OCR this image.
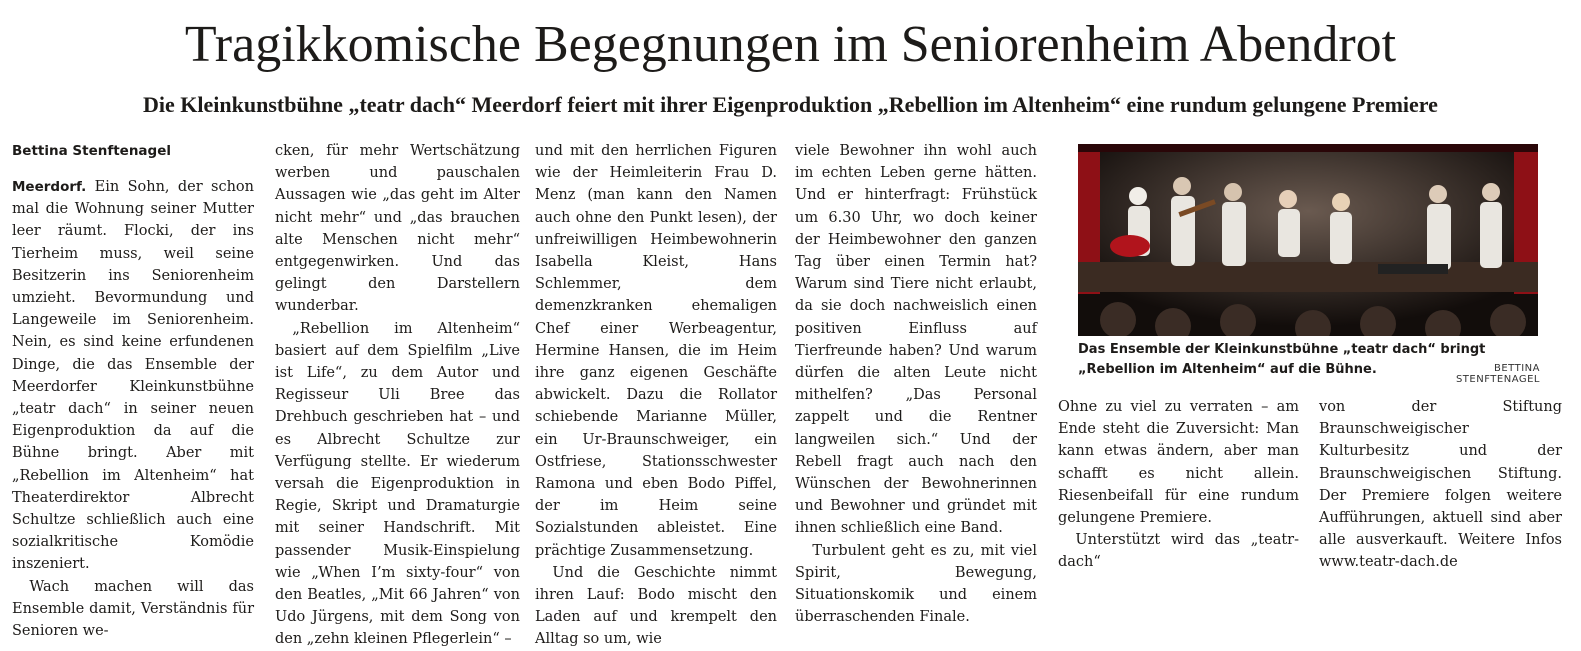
Tragikkomische Begegnungen im Seniorenheim Abendrot
Die Kleinkunstbühne „teatr dach“ Meerdorf feiert mit ihrer Eigenproduktion „Rebellion im Altenheim“ eine rundum gelungene Premiere
Bettina Stenftenagel

Meerdorf. Ein Sohn, der schon mal die Wohnung seiner Mutter leer räumt. Flocki, der ins Tierheim muss, weil seine Besitzerin ins Seniorenheim umzieht. Bevormundung und Langeweile im Seniorenheim. Nein, es sind keine erfundenen Dinge, die das Ensemble der Meerdorfer Kleinkunstbühne „teatr dach“ in seiner neuen Eigenproduktion da auf die Bühne bringt. Aber mit „Rebellion im Altenheim“ hat Theaterdirektor Albrecht Schultze schließlich auch eine sozialkritische Komödie inszeniert.

Wach machen will das Ensemble damit, Verständnis für Senioren we-

cken, für mehr Wertschätzung werben und pauschalen Aussagen wie „das geht im Alter nicht mehr“ und „das brauchen alte Menschen nicht mehr“ entgegenwirken. Und das gelingt den Darstellern wunderbar.

„Rebellion im Altenheim“ basiert auf dem Spielfilm „Live ist Life“, zu dem Autor und Regisseur Uli Bree das Drehbuch geschrieben hat – und es Albrecht Schultze zur Verfügung stellte. Er wiederum versah die Eigenproduktion in Regie, Skript und Dramaturgie mit seiner Handschrift. Mit passender Musik-Einspielung wie „When I’m sixty-four“ von den Beatles, „Mit 66 Jahren“ von Udo Jürgens, mit dem Song von den „zehn kleinen Pflegerlein“ –

und mit den herrlichen Figuren wie der Heimleiterin Frau D. Menz (man kann den Namen auch ohne den Punkt lesen), der unfreiwilligen Heimbewohnerin Isabella Kleist, Hans Schlemmer, dem demenzkranken ehemaligen Chef einer Werbeagentur, Hermine Hansen, die im Heim ihre ganz eigenen Geschäfte abwickelt. Dazu die Rollator schiebende Marianne Müller, ein Ur-Braunschweiger, ein Ostfriese, Stationsschwester Ramona und eben Bodo Piffel, der im Heim seine Sozialstunden ableistet. Eine prächtige Zusammensetzung.

Und die Geschichte nimmt ihren Lauf: Bodo mischt den Laden auf und krempelt den Alltag so um, wie

viele Bewohner ihn wohl auch im echten Leben gerne hätten. Und er hinterfragt: Frühstück um 6.30 Uhr, wo doch keiner der Heimbewohner den ganzen Tag über einen Termin hat? Warum sind Tiere nicht erlaubt, da sie doch nachweislich einen positiven Einfluss auf Tierfreunde haben? Und warum dürfen die alten Leute nicht mithelfen? „Das Personal zappelt und die Rentner langweilen sich.“ Und der Rebell fragt auch nach den Wünschen der Bewohnerinnen und Bewohner und gründet mit ihnen schließlich eine Band.

Turbulent geht es zu, mit viel Spirit, Bewegung, Situationskomik und einem überraschenden Finale.

Das Ensemble der Kleinkunstbühne „teatr dach“ bringt „Rebellion im Altenheim“ auf die Bühne.	BETTINA STENFTENAGEL

Ohne zu viel zu verraten – am Ende steht die Zuversicht: Man kann etwas ändern, aber man schafft es nicht allein. Riesenbeifall für eine rundum gelungene Premiere.

Unterstützt wird das „teatr-dach“

von der Stiftung Braunschweigischer Kulturbesitz und der Braunschweigischen Stiftung. Der Premiere folgen weitere Aufführungen, aktuell sind aber alle ausverkauft. Weitere Infos www.teatr-dach.de
